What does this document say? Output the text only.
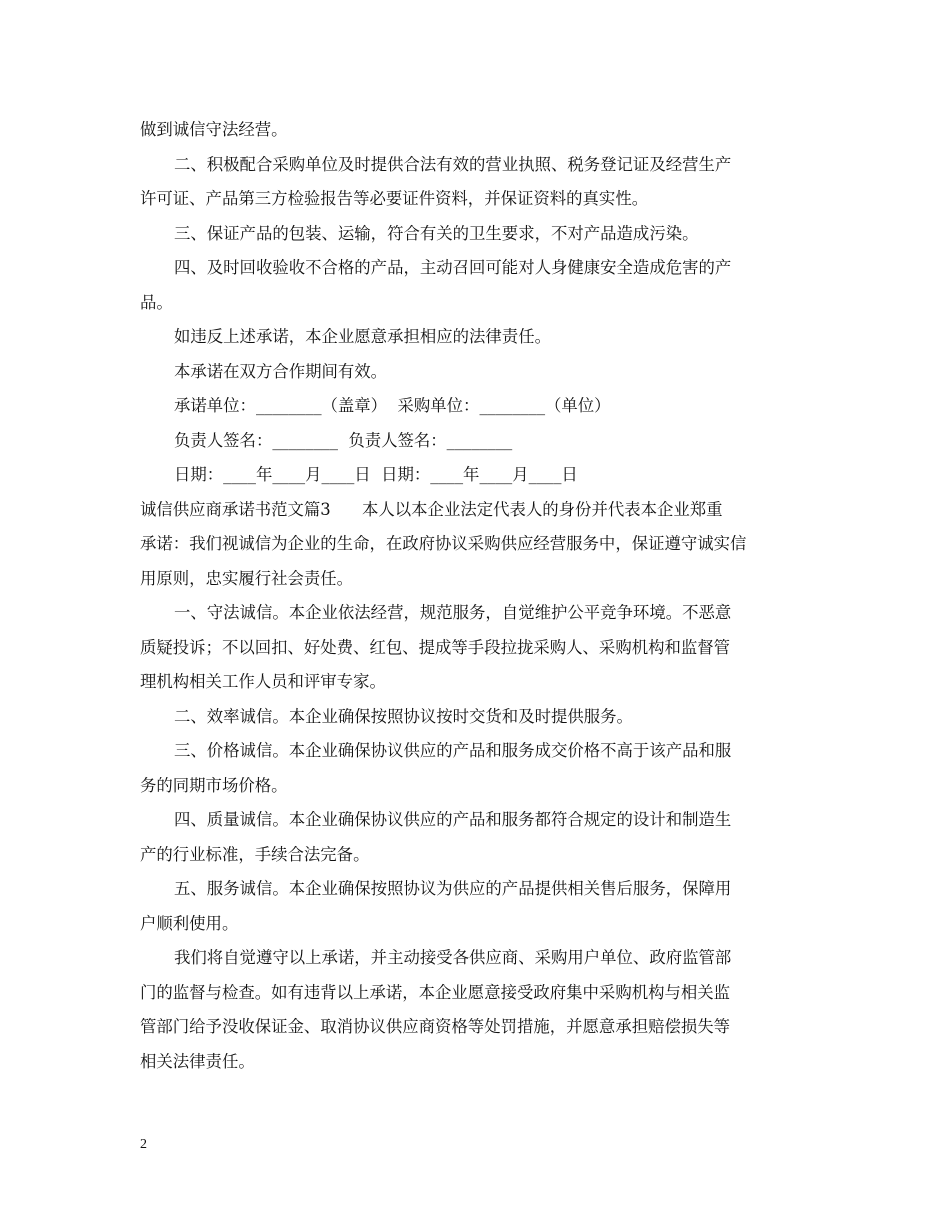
做到诚信守法经营。
二、积极配合采购单位及时提供合法有效的营业执照、税务登记证及经营生产
许可证、产品第三方检验报告等必要证件资料，并保证资料的真实性。
三、保证产品的包装、运输，符合有关的卫生要求，不对产品造成污染。
四、及时回收验收不合格的产品，主动召回可能对人身健康安全造成危害的产
品。
如违反上述承诺，本企业愿意承担相应的法律责任。
本承诺在双方合作期间有效。
承诺单位：________（盖章）  采购单位：________（单位）
负责人签名：________  负责人签名：________
日期：____年____月____日  日期：____年____月____日
诚信供应商承诺书范文篇3      本人以本企业法定代表人的身份并代表本企业郑重
承诺：我们视诚信为企业的生命，在政府协议采购供应经营服务中，保证遵守诚实信
用原则，忠实履行社会责任。
一、守法诚信。本企业依法经营，规范服务，自觉维护公平竞争环境。不恶意
质疑投诉；不以回扣、好处费、红包、提成等手段拉拢采购人、采购机构和监督管
理机构相关工作人员和评审专家。
二、效率诚信。本企业确保按照协议按时交货和及时提供服务。
三、价格诚信。本企业确保协议供应的产品和服务成交价格不高于该产品和服
务的同期市场价格。
四、质量诚信。本企业确保协议供应的产品和服务都符合规定的设计和制造生
产的行业标准，手续合法完备。
五、服务诚信。本企业确保按照协议为供应的产品提供相关售后服务，保障用
户顺利使用。
我们将自觉遵守以上承诺，并主动接受各供应商、采购用户单位、政府监管部
门的监督与检查。如有违背以上承诺，本企业愿意接受政府集中采购机构与相关监
管部门给予没收保证金、取消协议供应商资格等处罚措施，并愿意承担赔偿损失等
相关法律责任。
2
